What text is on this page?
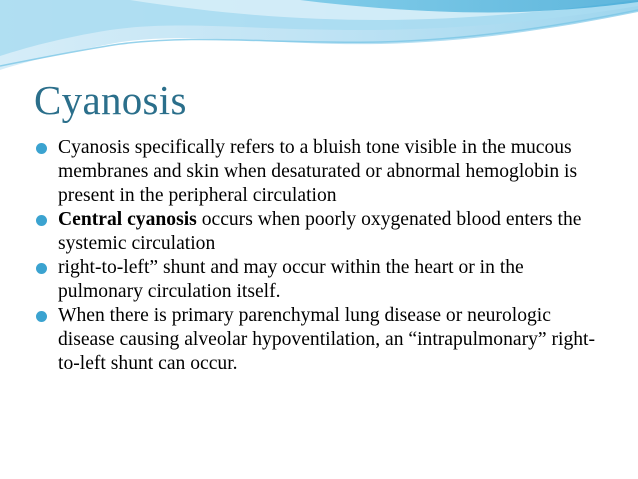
Cyanosis
Cyanosis specifically refers to a bluish tone visible in the mucous membranes and skin when desaturated or abnormal hemoglobin is present in the peripheral circulation
Central cyanosis occurs when poorly oxygenated blood enters the systemic circulation
right-to-left” shunt and may occur within the heart or in the pulmonary circulation itself.
When there is primary parenchymal lung disease or neurologic disease causing alveolar hypoventilation, an “intrapulmonary” right-to-left shunt can occur.
